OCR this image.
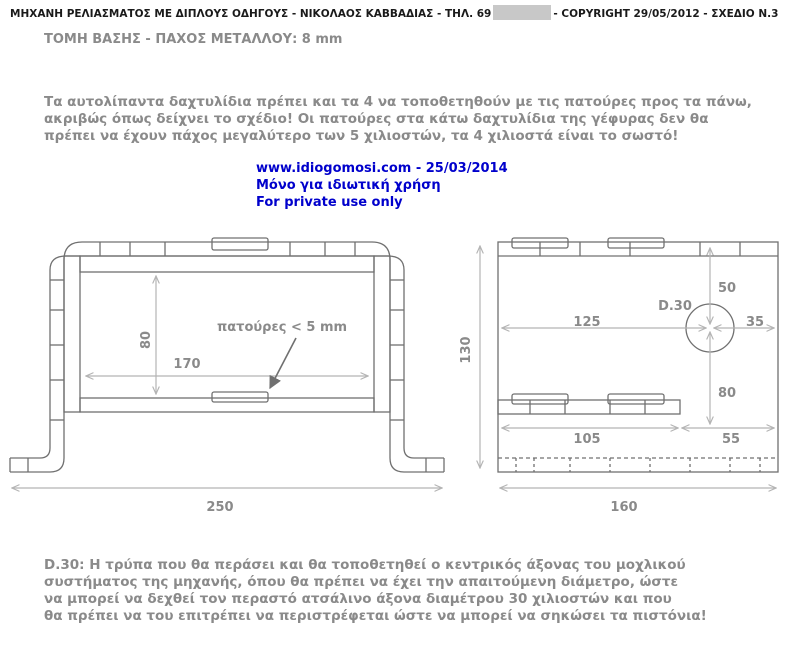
ΜΗΧΑΝΗ ΡΕΛΙΑΣΜΑΤΟΣ ΜΕ ΔΙΠΛΟΥΣ ΟΔΗΓΟΥΣ - ΝΙΚΟΛΑΟΣ ΚΑΒΒΑΔΙΑΣ - ΤΗΛ. 69	- COPYRIGHT 29/05/2012 - ΣΧΕΔΙΟ Ν.3
ΤΟΜΗ ΒΑΣΗΣ - ΠΑΧΟΣ ΜΕΤΑΛΛΟΥ: 8 mm
Τα αυτολίπαντα δαχτυλίδια πρέπει και τα 4 να τοποθετηθούν με τις πατούρες προς τα πάνω,
ακριβώς όπως δείχνει το σχέδιο! Οι πατούρες στα κάτω δαχτυλίδια της γέφυρας δεν θα
πρέπει να έχουν πάχος μεγαλύτερο των 5 χιλιοστών, τα 4 χιλιοστά είναι το σωστό!
www.idiogomosi.com - 25/03/2014
Μόνο για ιδιωτική χρήση
For private use only
80
170
250
πατούρες < 5 mm
130
125
D.30
35
50
80
105	55
160
D.30: Η τρύπα που θα περάσει και θα τοποθετηθεί ο κεντρικός άξονας του μοχλικού
συστήματος της μηχανής, όπου θα πρέπει να έχει την απαιτούμενη διάμετρο, ώστε
να μπορεί να δεχθεί τον περαστό ατσάλινο άξονα διαμέτρου 30 χιλιοστών και που
θα πρέπει να του επιτρέπει να περιστρέφεται ώστε να μπορεί να σηκώσει τα πιστόνια!
